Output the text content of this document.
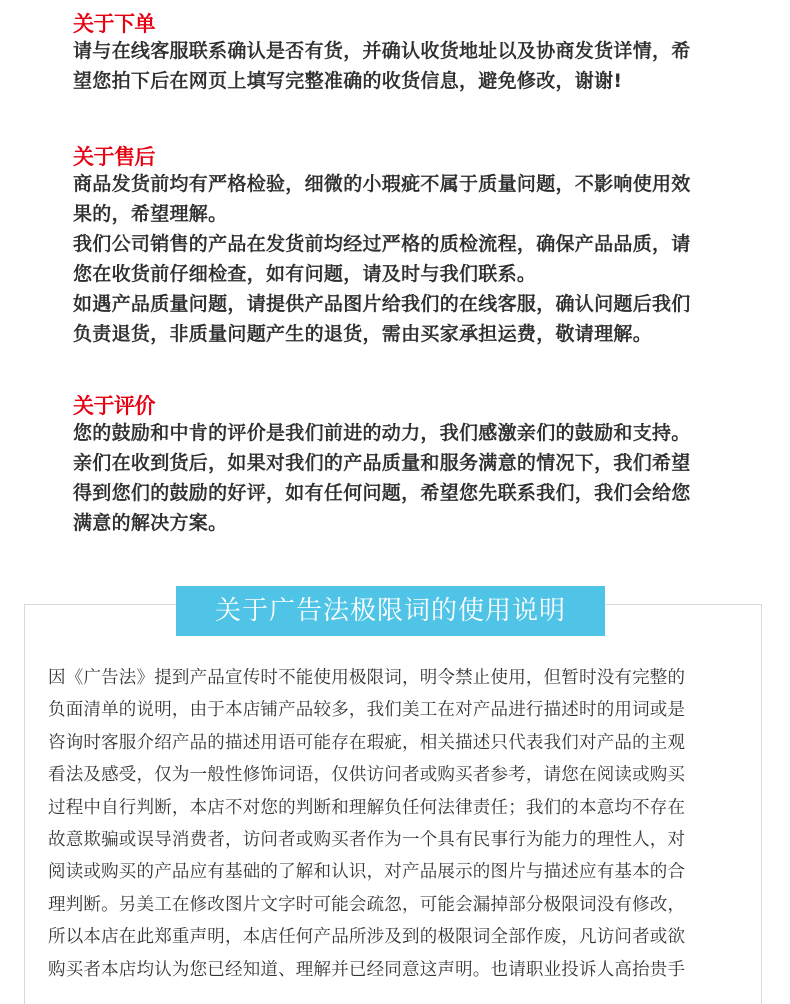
关于下单

请与在线客服联系确认是否有货，并确认收货地址以及协商发货详情，希

望您拍下后在网页上填写完整准确的收货信息，避免修改，谢谢!

关于售后

商品发货前均有严格检验，细微的小瑕疵不属于质量问题，不影响使用效

果的，希望理解。

我们公司销售的产品在发货前均经过严格的质检流程，确保产品品质，请

您在收货前仔细检查，如有问题，请及时与我们联系。

如遇产品质量问题，请提供产品图片给我们的在线客服，确认问题后我们

负责退货，非质量问题产生的退货，需由买家承担运费，敬请理解。

关于评价

您的鼓励和中肯的评价是我们前进的动力，我们感激亲们的鼓励和支持。

亲们在收到货后，如果对我们的产品质量和服务满意的情况下，我们希望

得到您们的鼓励的好评，如有任何问题，希望您先联系我们，我们会给您

满意的解决方案。

关于广告法极限词的使用说明
因《广告法》提到产品宣传时不能使用极限词，明令禁止使用，但暂时没有完整的
负面清单的说明，由于本店铺产品较多，我们美工在对产品进行描述时的用词或是
咨询时客服介绍产品的描述用语可能存在瑕疵，相关描述只代表我们对产品的主观
看法及感受，仅为一般性修饰词语，仅供访问者或购买者参考，请您在阅读或购买
过程中自行判断，本店不对您的判断和理解负任何法律责任；我们的本意均不存在
故意欺骗或误导消费者，访问者或购买者作为一个具有民事行为能力的理性人，对
阅读或购买的产品应有基础的了解和认识，对产品展示的图片与描述应有基本的合
理判断。另美工在修改图片文字时可能会疏忽，可能会漏掉部分极限词没有修改，
所以本店在此郑重声明，本店任何产品所涉及到的极限词全部作废，凡访问者或欲
购买者本店均认为您已经知道、理解并已经同意这声明。也请职业投诉人高抬贵手
